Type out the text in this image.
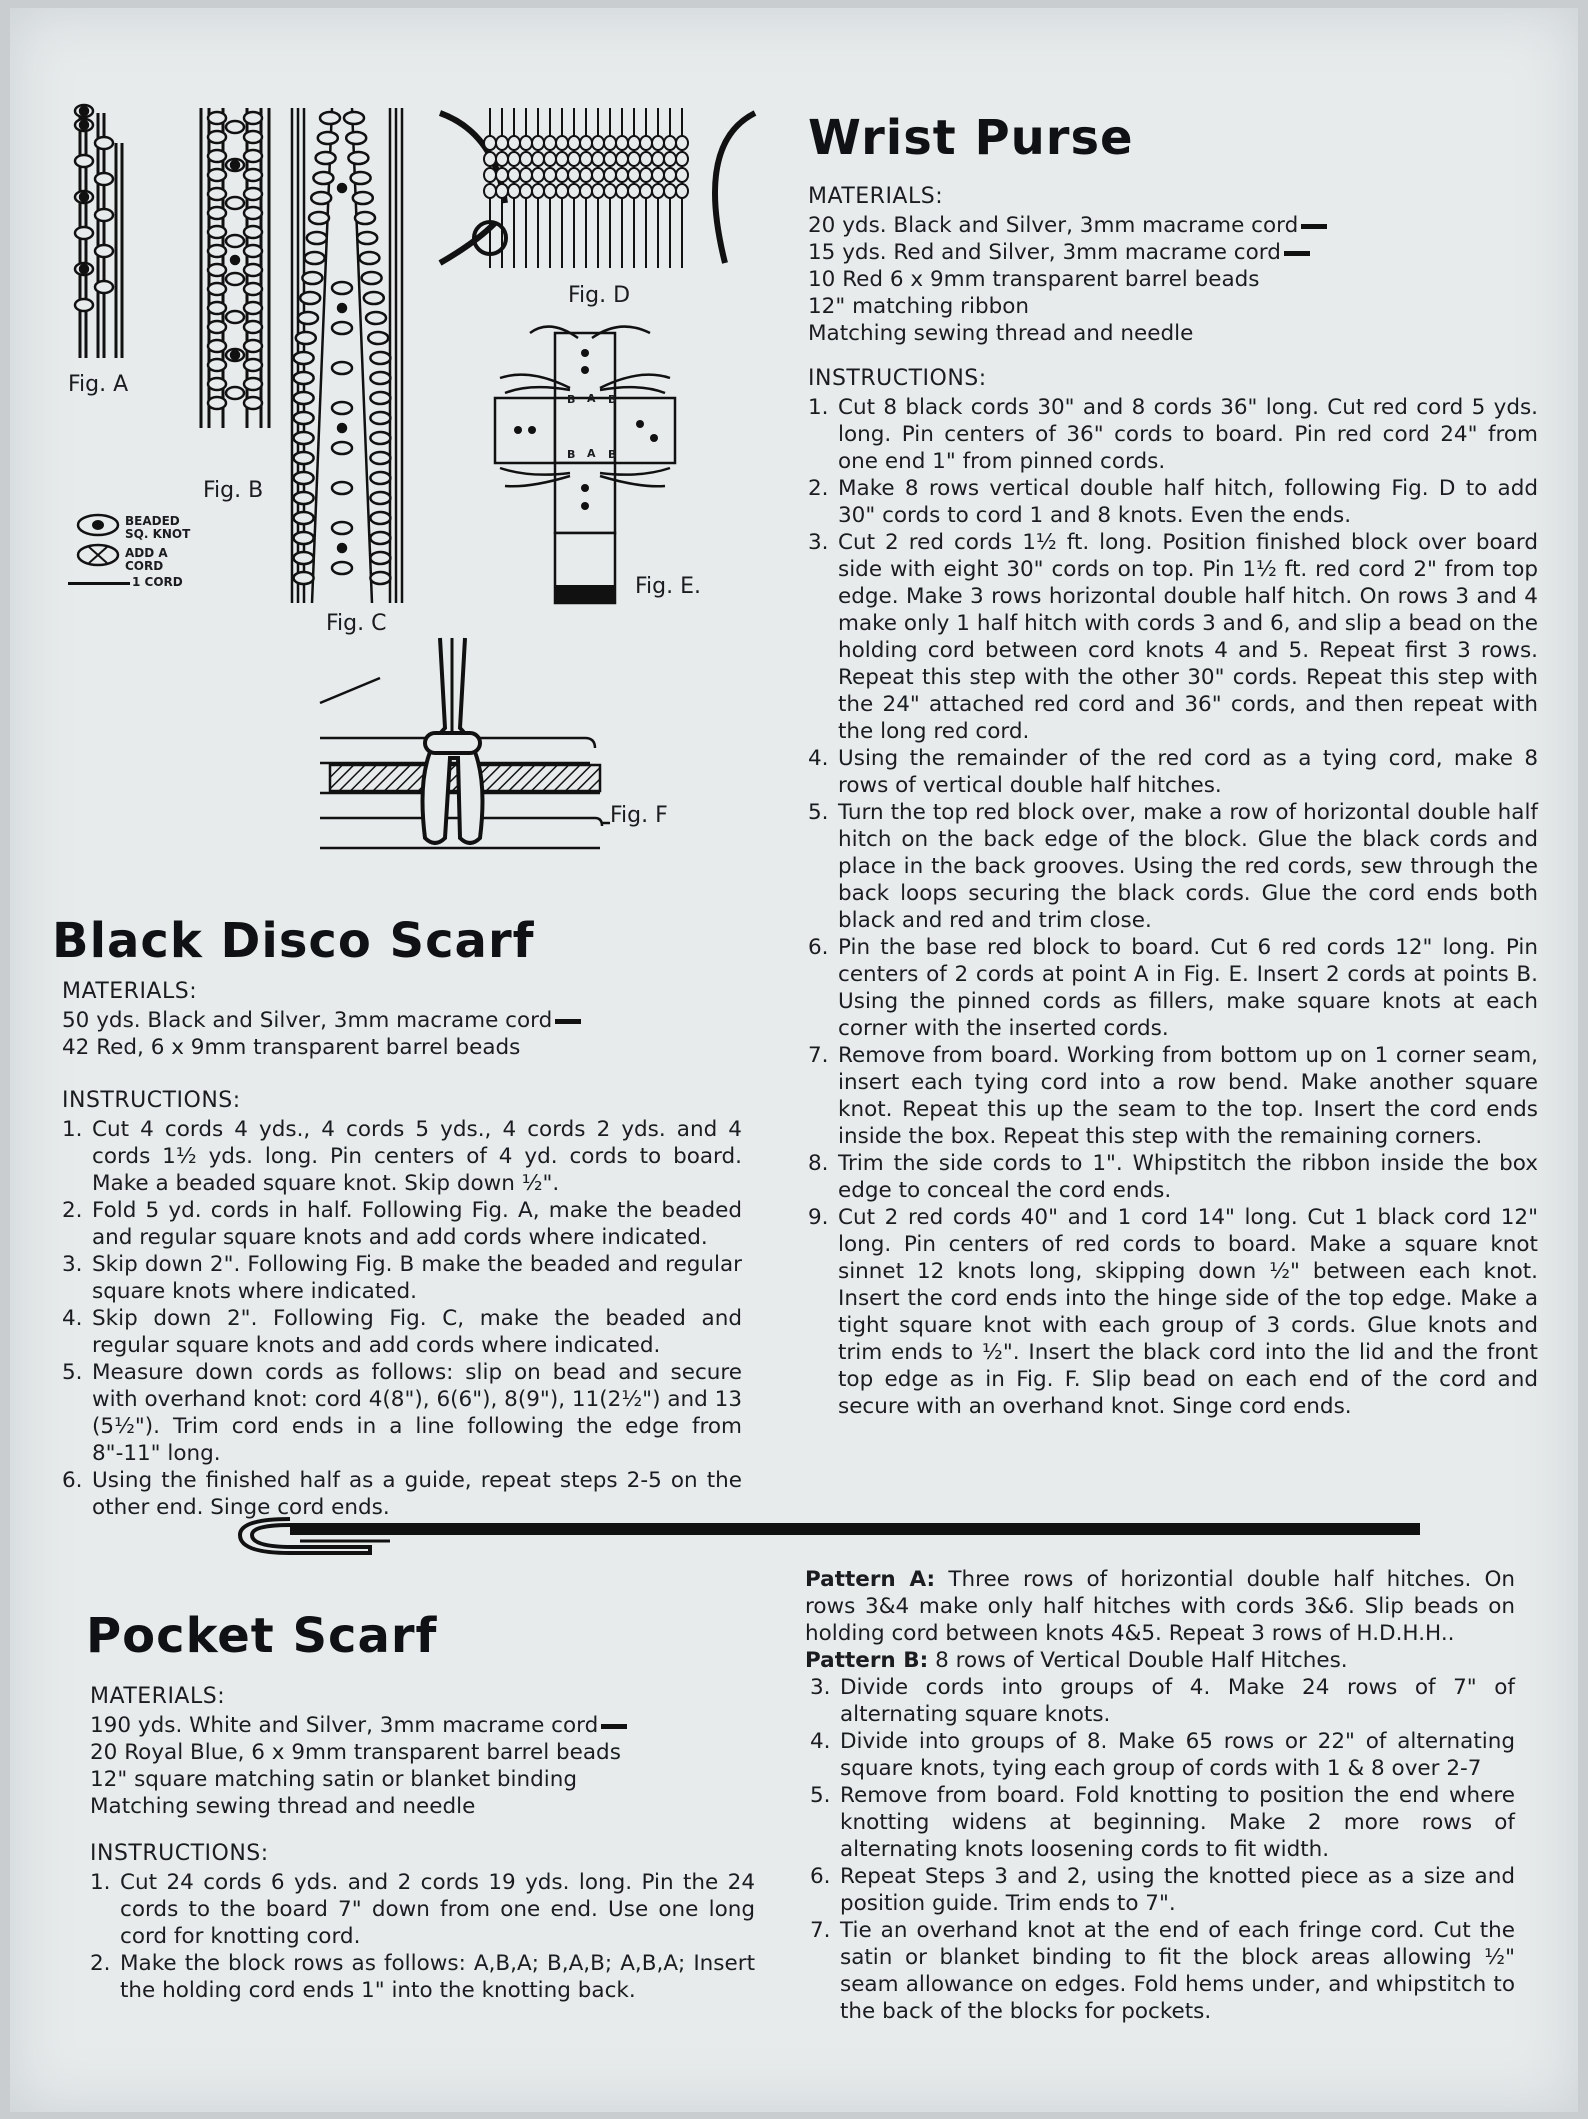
Fig. A
Fig. B
Fig. C
Fig. D
B A B
B A B
Fig. E.
Fig. F
BEADED
SQ. KNOT
ADD A
CORD
1 CORD
Wrist Purse
MATERIALS:
20 yds. Black and Silver, 3mm macrame cord
15 yds. Red and Silver, 3mm macrame cord
10 Red 6 x 9mm transparent barrel beads
12" matching ribbon
Matching sewing thread and needle
INSTRUCTIONS:
1. Cut 8 black cords 30" and 8 cords 36" long. Cut red cord 5 yds. long. Pin centers of 36" cords to board. Pin red cord 24" from one end 1" from pinned cords.
2. Make 8 rows vertical double half hitch, following Fig. D to add 30" cords to cord 1 and 8 knots. Even the ends.
3. Cut 2 red cords 1½ ft. long. Position finished block over board side with eight 30" cords on top. Pin 1½ ft. red cord 2" from top edge. Make 3 rows horizontal double half hitch. On rows 3 and 4 make only 1 half hitch with cords 3 and 6, and slip a bead on the holding cord between cord knots 4 and 5. Repeat first 3 rows. Repeat this step with the other 30" cords. Repeat this step with the 24" attached red cord and 36" cords, and then repeat with the long red cord.
4. Using the remainder of the red cord as a tying cord, make 8 rows of vertical double half hitches.
5. Turn the top red block over, make a row of horizontal double half hitch on the back edge of the block. Glue the black cords and place in the back grooves. Using the red cords, sew through the back loops securing the black cords. Glue the cord ends both black and red and trim close.
6. Pin the base red block to board. Cut 6 red cords 12" long. Pin centers of 2 cords at point A in Fig. E. Insert 2 cords at points B. Using the pinned cords as fillers, make square knots at each corner with the inserted cords.
7. Remove from board. Working from bottom up on 1 corner seam, insert each tying cord into a row bend. Make another square knot. Repeat this up the seam to the top. Insert the cord ends inside the box. Repeat this step with the remaining corners.
8. Trim the side cords to 1". Whipstitch the ribbon inside the box edge to conceal the cord ends.
9. Cut 2 red cords 40" and 1 cord 14" long. Cut 1 black cord 12" long. Pin centers of red cords to board. Make a square knot sinnet 12 knots long, skipping down ½" between each knot. Insert the cord ends into the hinge side of the top edge. Make a tight square knot with each group of 3 cords. Glue knots and trim ends to ½". Insert the black cord into the lid and the front top edge as in Fig. F. Slip bead on each end of the cord and secure with an overhand knot. Singe cord ends.
Black Disco Scarf
MATERIALS:
50 yds. Black and Silver, 3mm macrame cord
42 Red, 6 x 9mm transparent barrel beads
INSTRUCTIONS:
1. Cut 4 cords 4 yds., 4 cords 5 yds., 4 cords 2 yds. and 4 cords 1½ yds. long. Pin centers of 4 yd. cords to board. Make a beaded square knot. Skip down ½".
2. Fold 5 yd. cords in half. Following Fig. A, make the beaded and regular square knots and add cords where indicated.
3. Skip down 2". Following Fig. B make the beaded and regular square knots where indicated.
4. Skip down 2". Following Fig. C, make the beaded and regular square knots and add cords where indicated.
5. Measure down cords as follows: slip on bead and secure with overhand knot: cord 4(8"), 6(6"), 8(9"), 11(2½") and 13 (5½"). Trim cord ends in a line following the edge from 8"-11" long.
6. Using the finished half as a guide, repeat steps 2-5 on the other end. Singe cord ends.
Pocket Scarf
MATERIALS:
190 yds. White and Silver, 3mm macrame cord
20 Royal Blue, 6 x 9mm transparent barrel beads
12" square matching satin or blanket binding
Matching sewing thread and needle
INSTRUCTIONS:
1. Cut 24 cords 6 yds. and 2 cords 19 yds. long. Pin the 24 cords to the board 7" down from one end. Use one long cord for knotting cord.
2. Make the block rows as follows: A,B,A; B,A,B; A,B,A; Insert the holding cord ends 1" into the knotting back.
Pattern A: Three rows of horizontial double half hitches. On rows 3&4 make only half hitches with cords 3&6. Slip beads on holding cord between knots 4&5. Repeat 3 rows of H.D.H.H..
Pattern B: 8 rows of Vertical Double Half Hitches.
3. Divide cords into groups of 4. Make 24 rows of 7" of alternating square knots.
4. Divide into groups of 8. Make 65 rows or 22" of alternating square knots, tying each group of cords with 1 & 8 over 2-7
5. Remove from board. Fold knotting to position the end where knotting widens at beginning. Make 2 more rows of alternating knots loosening cords to fit width.
6. Repeat Steps 3 and 2, using the knotted piece as a size and position guide. Trim ends to 7".
7. Tie an overhand knot at the end of each fringe cord. Cut the satin or blanket binding to fit the block areas allowing ½" seam allowance on edges. Fold hems under, and whipstitch to the back of the blocks for pockets.
